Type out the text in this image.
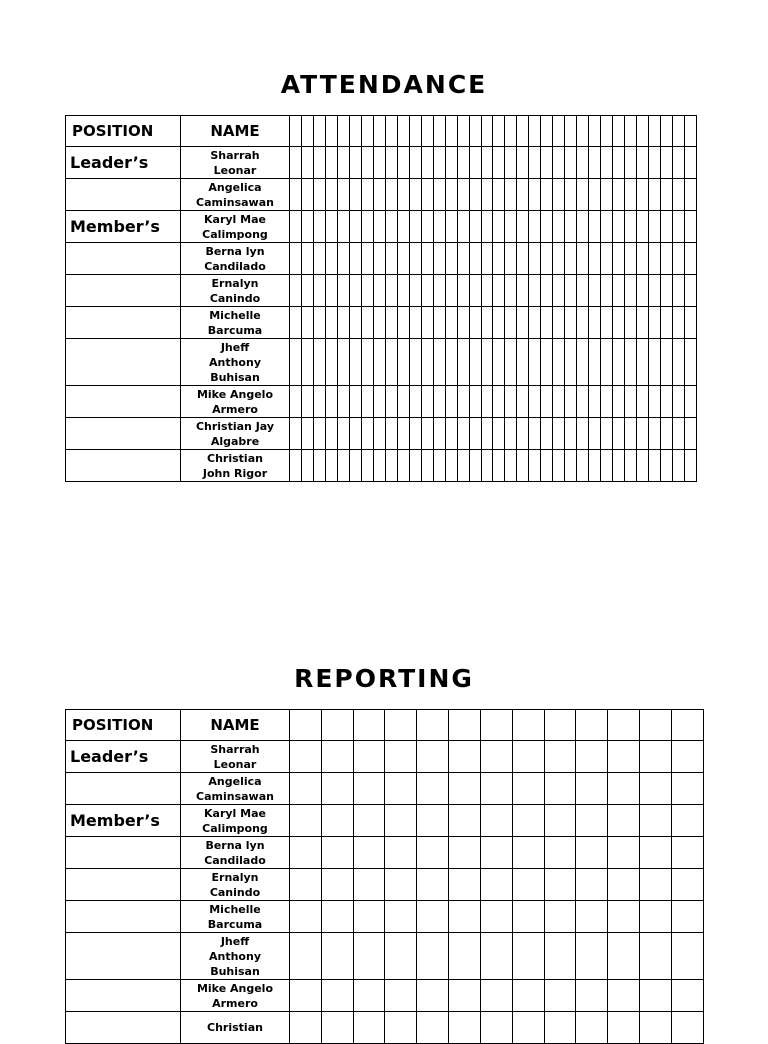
ATTENDANCE
POSITION	NAME																																		
Leader’s	Sharrah
Leonar																																		
	Angelica
Caminsawan																																		
Member’s	Karyl Mae
Calimpong																																		
	Berna lyn
Candilado																																		
	Ernalyn
Canindo																																		
	Michelle
Barcuma																																		
	Jheff
Anthony
Buhisan																																		
	Mike Angelo
Armero																																		
	Christian Jay
Algabre																																		
	Christian
John Rigor																																		
REPORTING
POSITION	NAME													
Leader’s	Sharrah
Leonar													
	Angelica
Caminsawan													
Member’s	Karyl Mae
Calimpong													
	Berna lyn
Candilado													
	Ernalyn
Canindo													
	Michelle
Barcuma													
	Jheff
Anthony
Buhisan													
	Mike Angelo
Armero													
	Christian													
